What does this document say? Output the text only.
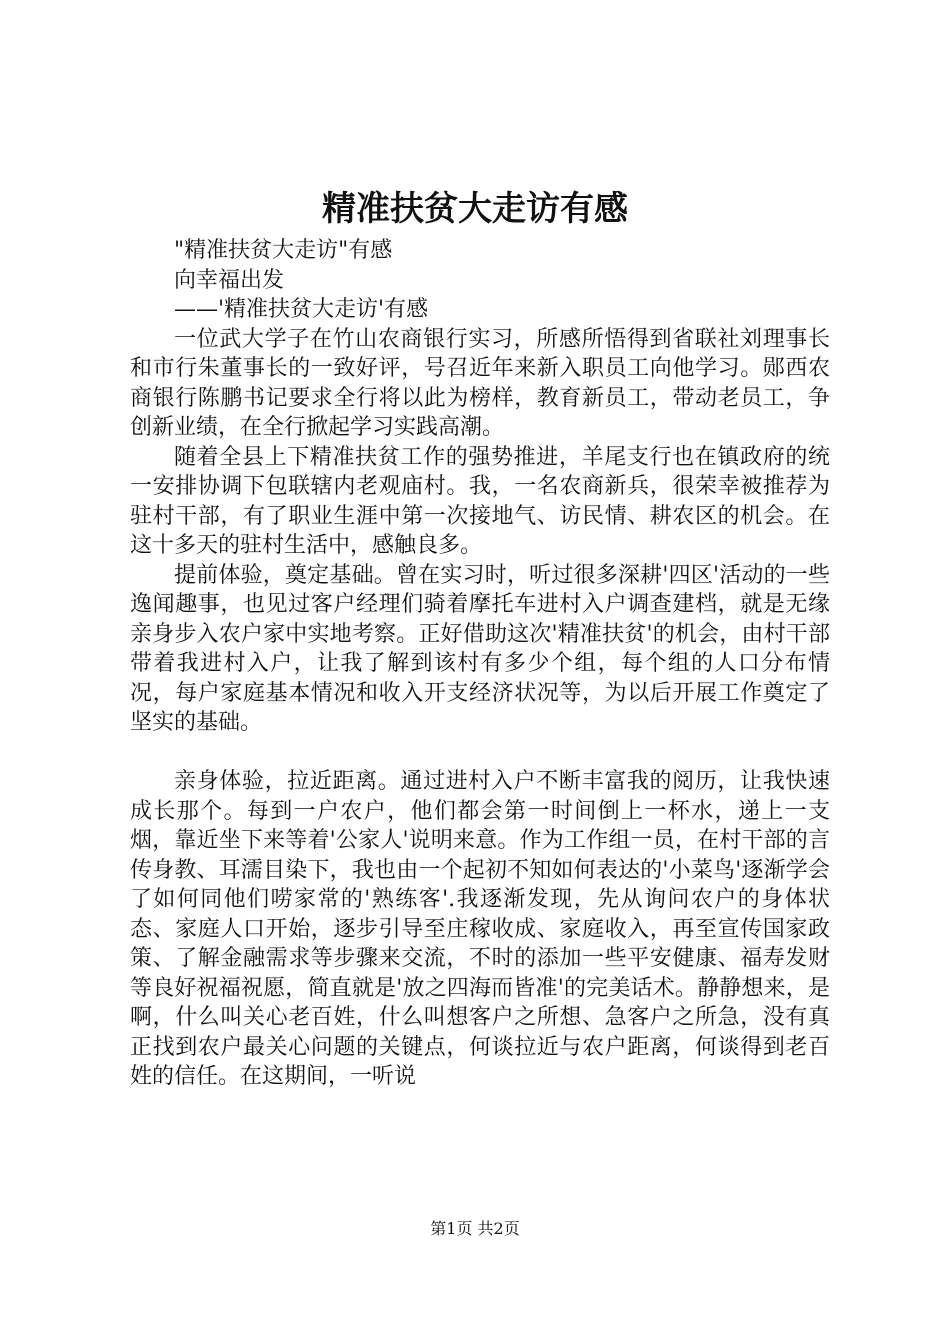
精准扶贫大走访有感

"精准扶贫大走访"有感

向幸福出发

——'精准扶贫大走访'有感

一位武大学子在竹山农商银行实习，所感所悟得到省联社刘理事长和市行朱董事长的一致好评，号召近年来新入职员工向他学习。郧西农商银行陈鹏书记要求全行将以此为榜样，教育新员工，带动老员工，争创新业绩，在全行掀起学习实践高潮。

随着全县上下精准扶贫工作的强势推进，羊尾支行也在镇政府的统一安排协调下包联辖内老观庙村。我，一名农商新兵，很荣幸被推荐为驻村干部，有了职业生涯中第一次接地气、访民情、耕农区的机会。在这十多天的驻村生活中，感触良多。

提前体验，奠定基础。曾在实习时，听过很多深耕'四区'活动的一些逸闻趣事，也见过客户经理们骑着摩托车进村入户调查建档，就是无缘亲身步入农户家中实地考察。正好借助这次'精准扶贫'的机会，由村干部带着我进村入户，让我了解到该村有多少个组，每个组的人口分布情况，每户家庭基本情况和收入开支经济状况等，为以后开展工作奠定了坚实的基础。

亲身体验，拉近距离。通过进村入户不断丰富我的阅历，让我快速成长那个。每到一户农户，他们都会第一时间倒上一杯水，递上一支烟，靠近坐下来等着'公家人'说明来意。作为工作组一员，在村干部的言传身教、耳濡目染下，我也由一个起初不知如何表达的'小菜鸟'逐渐学会了如何同他们唠家常的'熟练客'.我逐渐发现，先从询问农户的身体状态、家庭人口开始，逐步引导至庄稼收成、家庭收入，再至宣传国家政策、了解金融需求等步骤来交流，不时的添加一些平安健康、福寿发财等良好祝福祝愿，简直就是'放之四海而皆准'的完美话术。静静想来，是啊，什么叫关心老百姓，什么叫想客户之所想、急客户之所急，没有真正找到农户最关心问题的关键点，何谈拉近与农户距离，何谈得到老百姓的信任。在这期间，一听说

第1页 共2页
